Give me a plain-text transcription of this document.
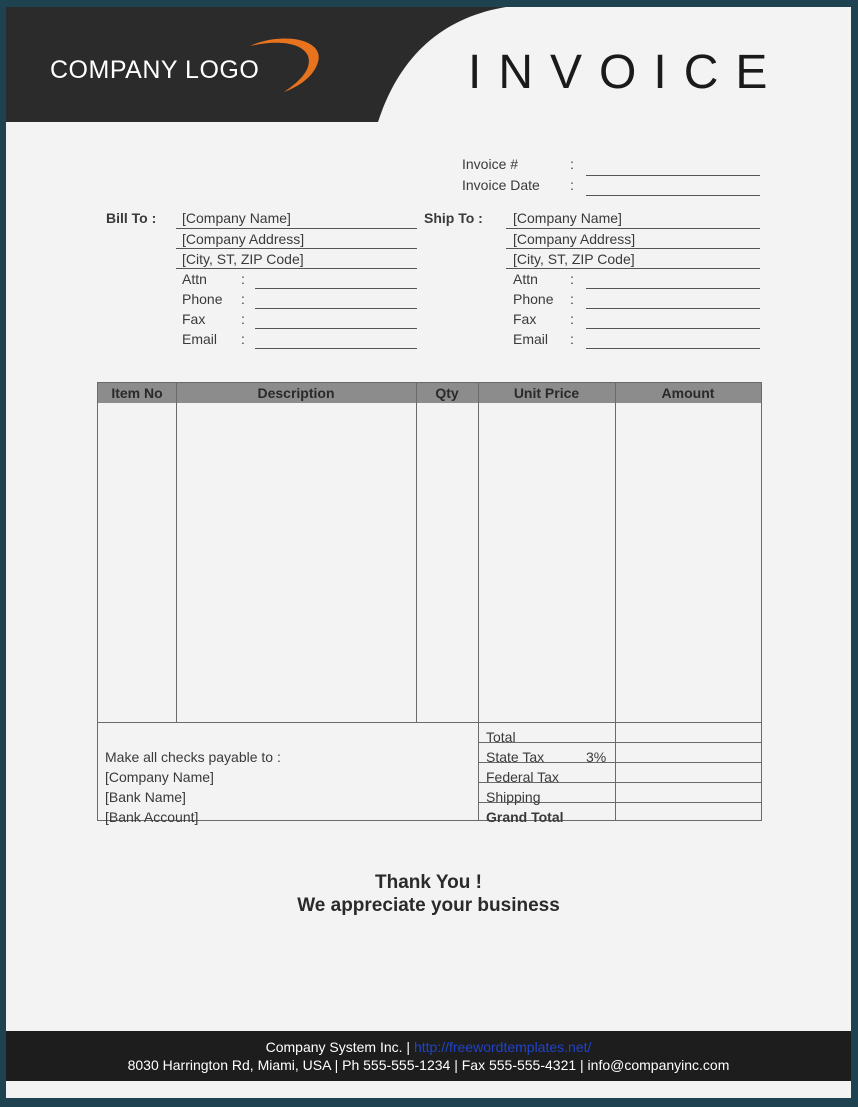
COMPANY LOGO	INVOICE
Invoice #	:
Invoice Date :
Bill To : [Company Name]
[Company Address]
[City, ST, ZIP Code]
Attn :
Phone :
Fax	:
Email :
Ship To : [Company Name]
[Company Address]
[City, ST, ZIP Code]
Attn :
Phone :
Fax :
Email :
Item No	Description	Qty	Unit Price	Amount
Make all checks payable to :
[Company Name]
[Bank Name]
[Bank Account]
Total
State Tax	3%
Federal Tax
Shipping
Grand Total
Thank You !
We appreciate your business
Company System Inc. | http://freewordtemplates.net/
8030 Harrington Rd, Miami, USA | Ph 555-555-1234 | Fax 555-555-4321 | info@companyinc.com
